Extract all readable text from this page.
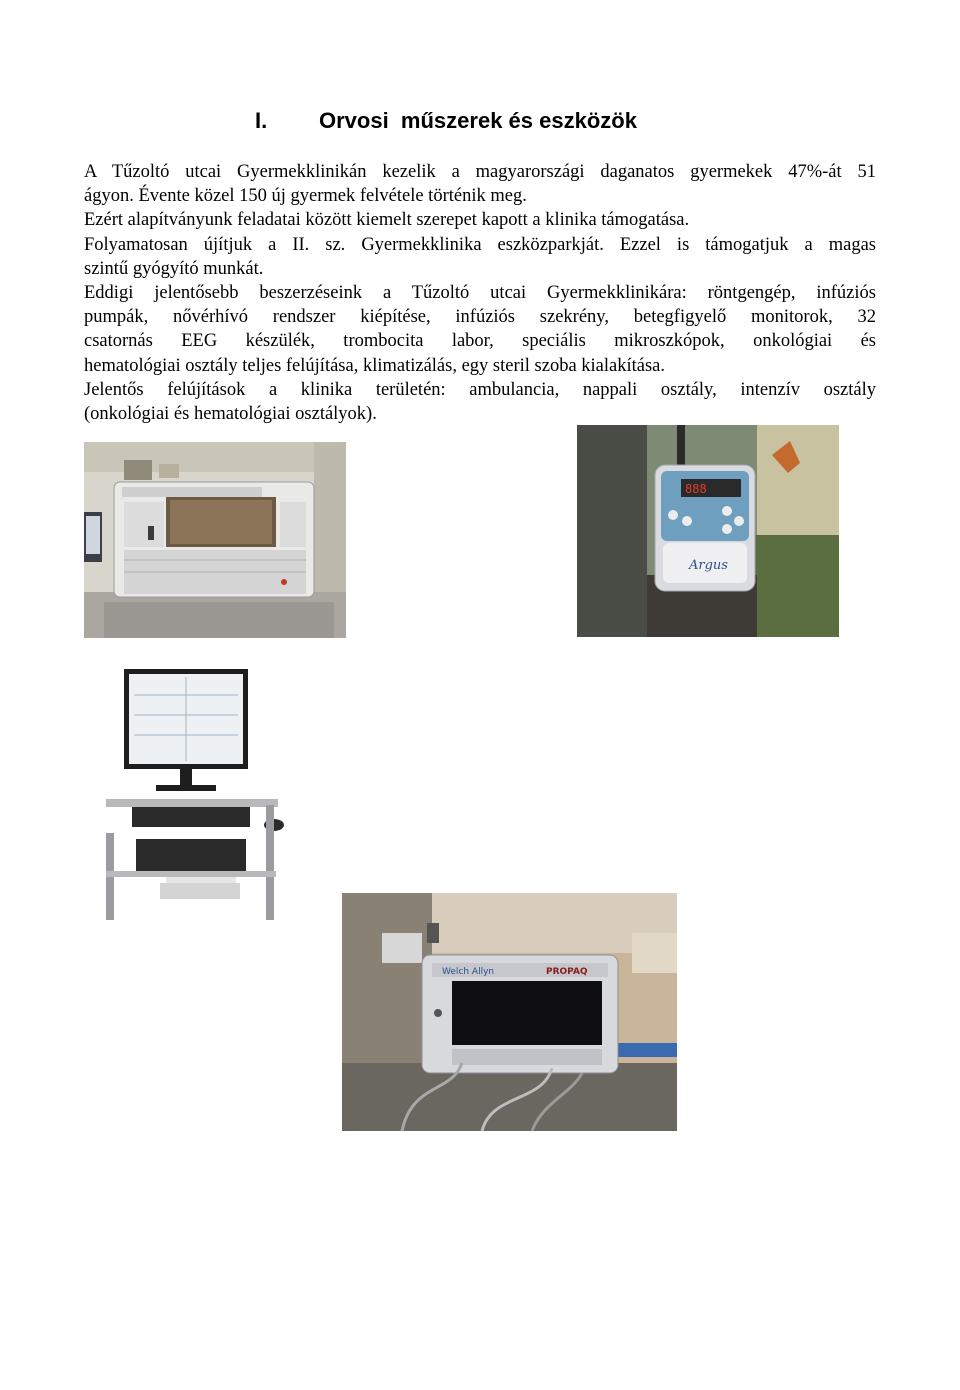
I. Orvosi  műszerek és eszközök

A Tűzoltó utcai Gyermekklinikán kezelik a magyarországi daganatos gyermekek 47%-át 51

ágyon. Évente közel 150 új gyermek felvétele történik meg.

Ezért alapítványunk feladatai között kiemelt szerepet kapott a klinika támogatása.

Folyamatosan újítjuk a II. sz. Gyermekklinika eszközparkját. Ezzel is támogatjuk a magas

szintű gyógyító munkát.

Eddigi jelentősebb beszerzéseink a Tűzoltó utcai Gyermekklinikára: röntgengép, infúziós

pumpák, nővérhívó rendszer kiépítése, infúziós szekrény, betegfigyelő monitorok, 32

csatornás EEG készülék, trombocita labor, speciális mikroszkópok, onkológiai és

hematológiai osztály teljes felújítása, klimatizálás, egy steril szoba kialakítása.

Jelentős felújítások a klinika területén: ambulancia, nappali osztály, intenzív osztály

(onkológiai és hematológiai osztályok).

888
Argus
Welch Allyn	PROPAQ
